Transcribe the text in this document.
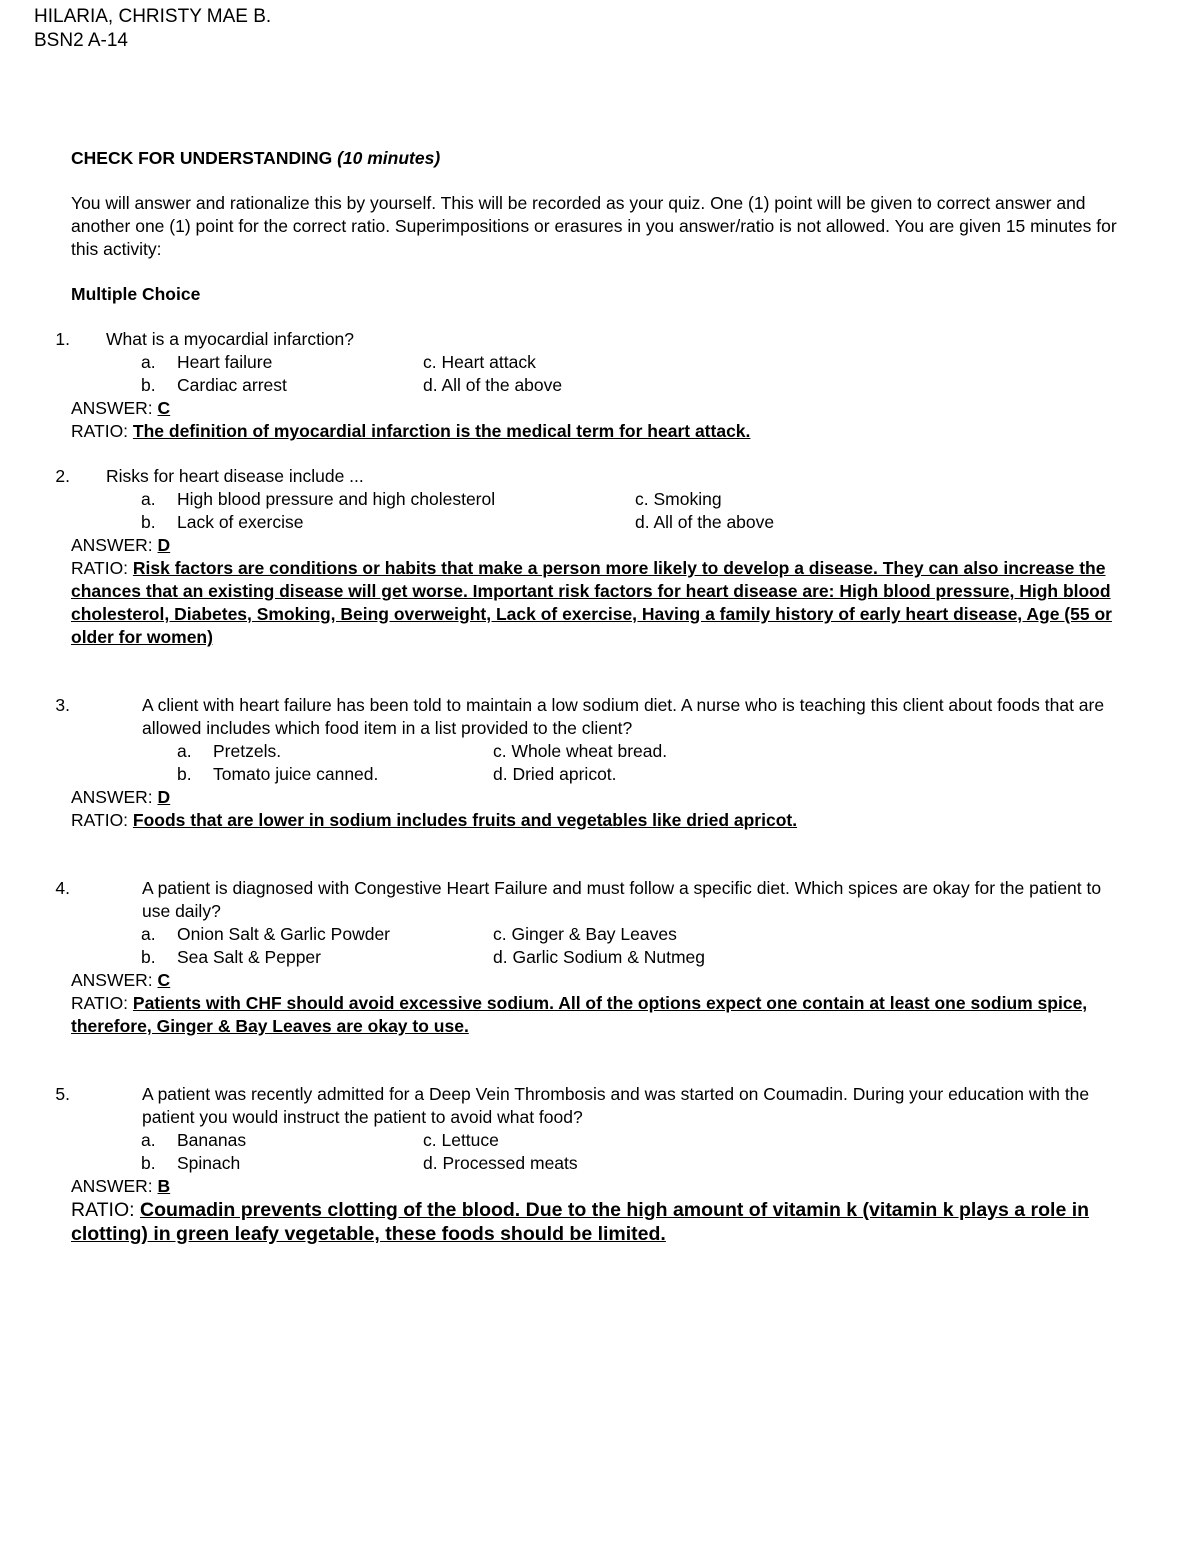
HILARIA, CHRISTY MAE B.
BSN2 A-14

CHECK FOR UNDERSTANDING (10 minutes)

You will answer and rationalize this by yourself. This will be recorded as your quiz. One (1) point will be given to correct answer and another one (1) point for the correct ratio. Superimpositions or erasures in you answer/ratio is not allowed. You are given 15 minutes for this activity:

Multiple Choice

1.	What is a myocardial infarction?
a.	Heart failure	c. Heart attack
b.	Cardiac arrest	d. All of the above

ANSWER: C

RATIO: The definition of myocardial infarction is the medical term for heart attack.

2.	Risks for heart disease include ...
a.	High blood pressure and high cholesterol	c. Smoking
b.	Lack of exercise	d. All of the above

ANSWER: D

RATIO: Risk factors are conditions or habits that make a person more likely to develop a disease. They can also increase the chances that an existing disease will get worse. Important risk factors for heart disease are: High blood pressure, High blood cholesterol, Diabetes, Smoking, Being overweight, Lack of exercise, Having a family history of early heart disease, Age (55 or older for women)

3.	A client with heart failure has been told to maintain a low sodium diet. A nurse who is teaching this client about foods that are allowed includes which food item in a list provided to the client?
a.	Pretzels.	c. Whole wheat bread.
b.	Tomato juice canned.	d. Dried apricot.

ANSWER: D

RATIO: Foods that are lower in sodium includes fruits and vegetables like dried apricot.

4.	A patient is diagnosed with Congestive Heart Failure and must follow a specific diet. Which spices are okay for the patient to use daily?
a.	Onion Salt & Garlic Powder	c. Ginger & Bay Leaves
b.	Sea Salt & Pepper	d. Garlic Sodium & Nutmeg

ANSWER: C

RATIO: Patients with CHF should avoid excessive sodium. All of the options expect one contain at least one sodium spice, therefore, Ginger & Bay Leaves are okay to use.

5.	A patient was recently admitted for a Deep Vein Thrombosis and was started on Coumadin. During your education with the patient you would instruct the patient to avoid what food?
a.	Bananas	c. Lettuce
b.	Spinach	d. Processed meats

ANSWER: B

RATIO: Coumadin prevents clotting of the blood. Due to the high amount of vitamin k (vitamin k plays a role in clotting) in green leafy vegetable, these foods should be limited.
